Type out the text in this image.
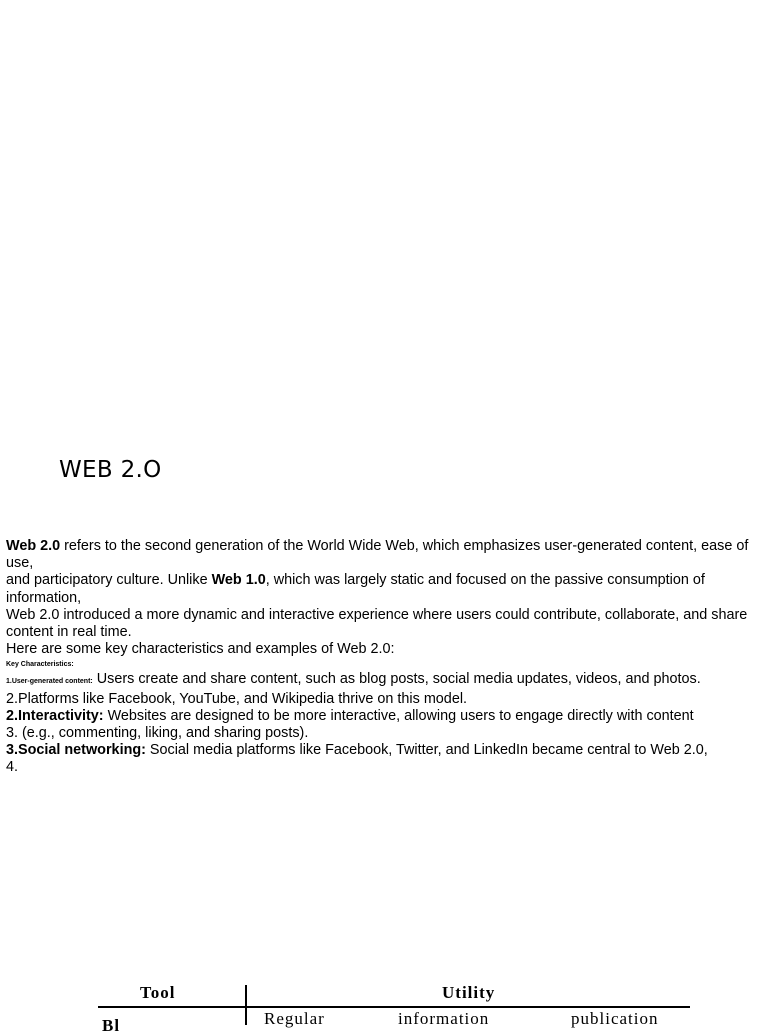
WEB 2.O
Web 2.0 refers to the second generation of the World Wide Web, which emphasizes user-generated content, ease of use,
and participatory culture. Unlike Web 1.0, which was largely static and focused on the passive consumption of
information,
Web 2.0 introduced a more dynamic and interactive experience where users could contribute, collaborate, and share content in real time.
Here are some key characteristics and examples of Web 2.0:
Key Characteristics:
1.User-generated content: Users create and share content, such as blog posts, social media updates, videos, and photos.
2.Platforms like Facebook, YouTube, and Wikipedia thrive on this model.
2.Interactivity: Websites are designed to be more interactive, allowing users to engage directly with content
3. (e.g., commenting, liking, and sharing posts).
3.Social networking: Social media platforms like Facebook, Twitter, and LinkedIn became central to Web 2.0,
4.
Tool	Utility
Bl	Regular	information	publication
